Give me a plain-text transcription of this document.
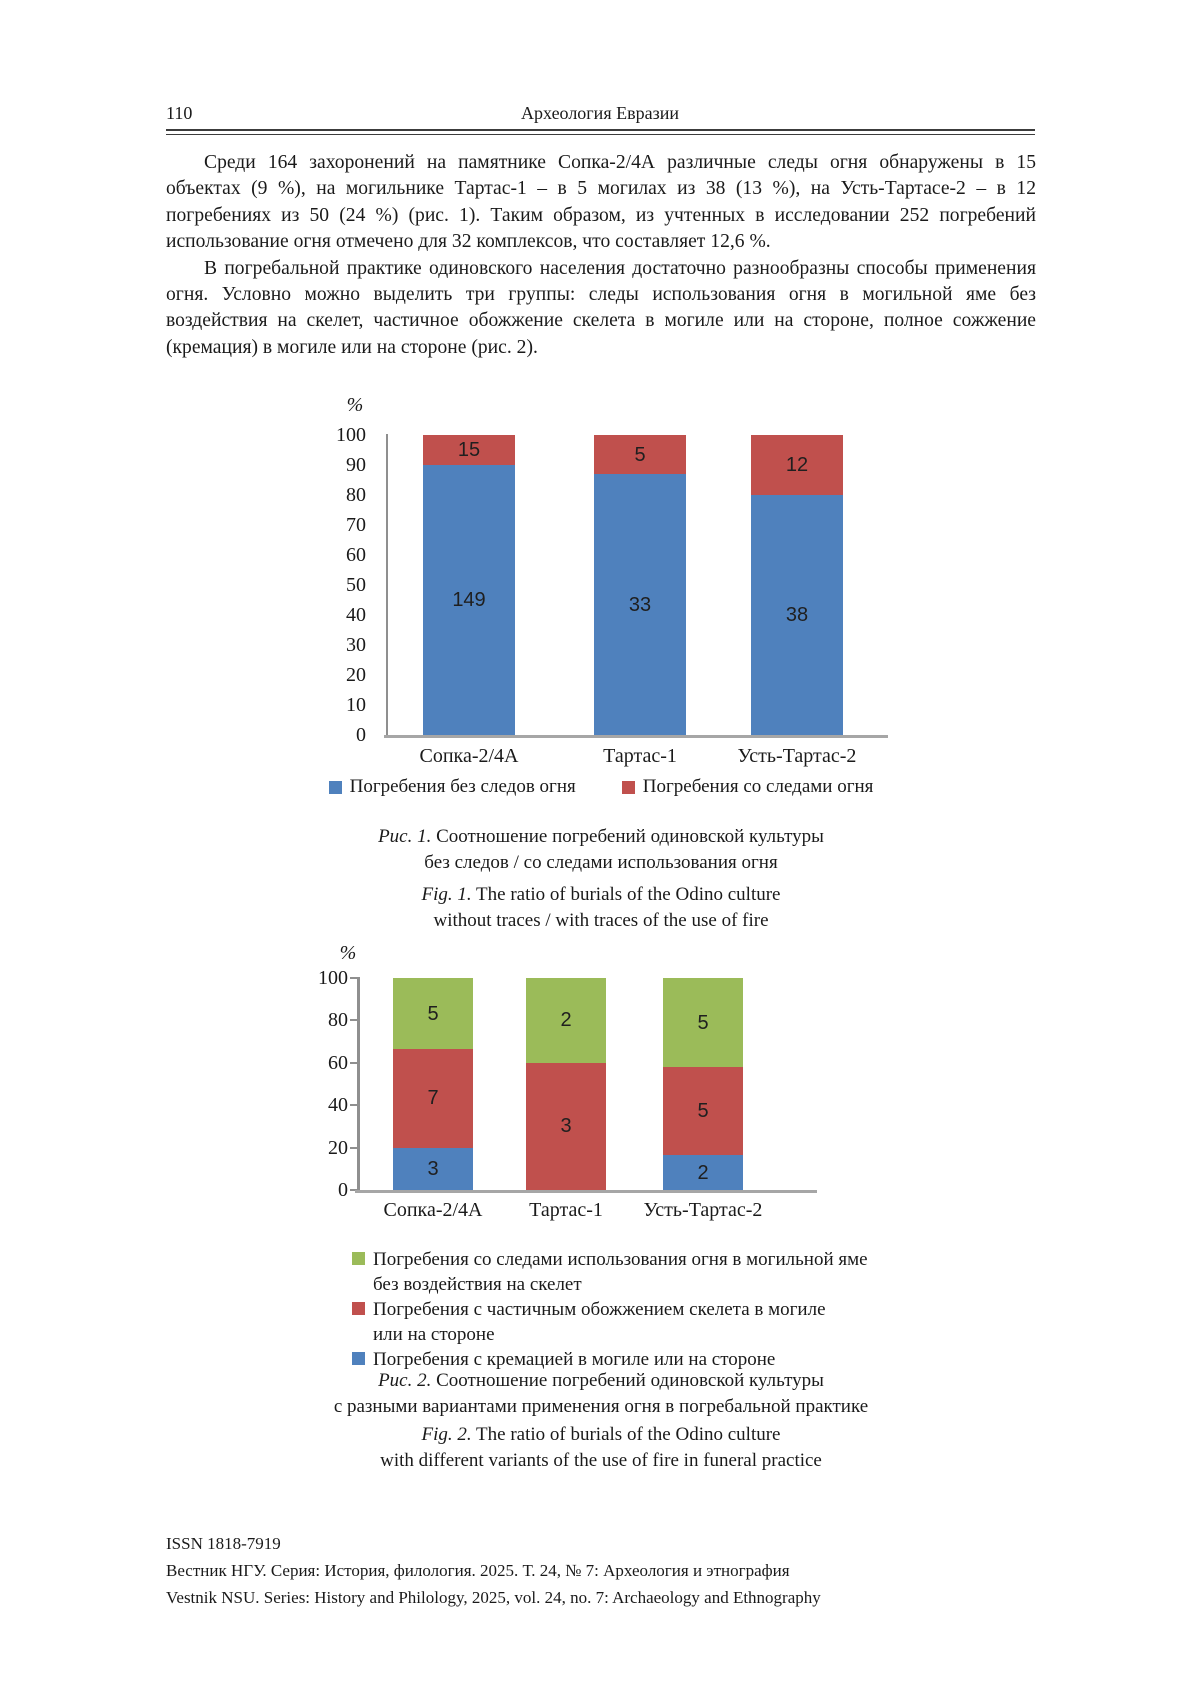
110	Археология Евразии

Среди 164 захоронений на памятнике Сопка-2/4А различные следы огня обнаружены в 15 объектах (9 %), на могильнике Тартас-1 – в 5 могилах из 38 (13 %), на Усть-Тартасе-2 – в 12 погребениях из 50 (24 %) (рис. 1). Таким образом, из учтенных в исследовании 252 погребений использование огня отмечено для 32 комплексов, что составляет 12,6 %.

В погребальной практике одиновского населения достаточно разнообразны способы применения огня. Условно можно выделить три группы: следы использования огня в могильной яме без воздействия на скелет, частичное обожжение скелета в могиле или на стороне, полное сожжение (кремация) в могиле или на стороне (рис. 2).

%
100
90
80
70
60
50
40
30
20
10
0
149
15
Сопка-2/4А
33
5
Тартас-1
38
12
Усть-Тартас-2
Погребения без следов огня	Погребения со следами огня
Рис. 1. Соотношение погребений одиновской культуры
без следов / со следами использования огня
Fig. 1. The ratio of burials of the Odino culture
without traces / with traces of the use of fire
%
100
80
60
40
20
0
3
7
5
Сопка-2/4А
3
2
Тартас-1
2
5
5
Усть-Тартас-2
Погребения со следами использования огня в могильной яме
без воздействия на скелет
Погребения с частичным обожжением скелета в могиле
или на стороне
Погребения с кремацией в могиле или на стороне
Рис. 2. Соотношение погребений одиновской культуры
с разными вариантами применения огня в погребальной практике
Fig. 2. The ratio of burials of the Odino culture
with different variants of the use of fire in funeral practice
ISSN 1818-7919
Вестник НГУ. Серия: История, филология. 2025. Т. 24, № 7: Археология и этнография
Vestnik NSU. Series: History and Philology, 2025, vol. 24, no. 7: Archaeology and Ethnography
